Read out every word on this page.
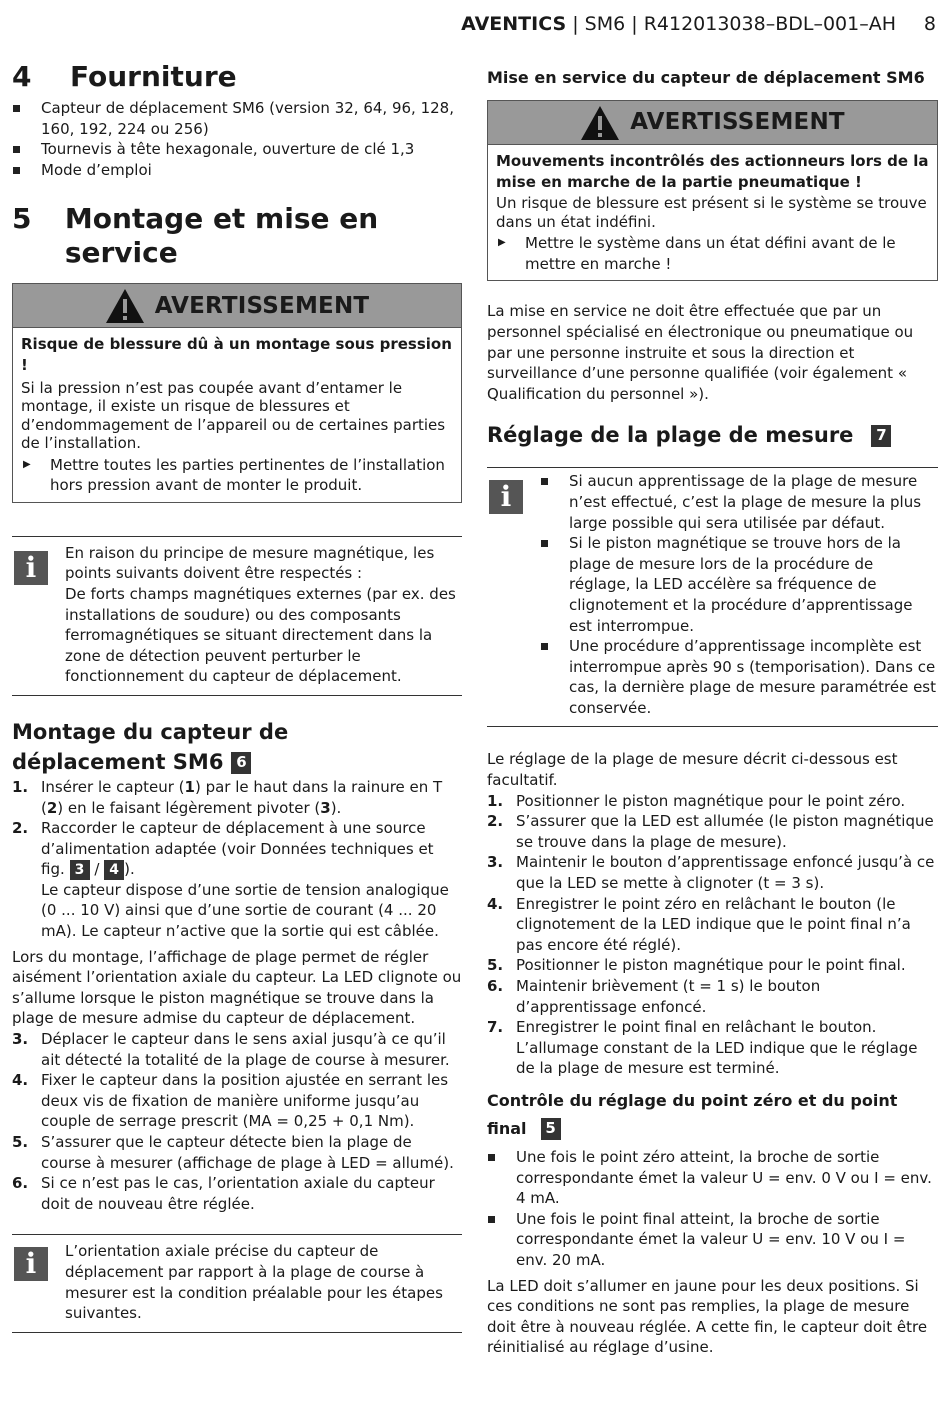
AVENTICS | SM6 | R412013038–BDL–001–AH 8
4	Fourniture
Capteur de déplacement SM6 (version 32, 64, 96, 128, 160, 192, 224 ou 256)
Tournevis à tête hexagonale, ouverture de clé 1,3
Mode d’emploi
5	Montage et mise en service
AVERTISSEMENT
Risque de blessure dû à un montage sous pression !
Si la pression n’est pas coupée avant d’entamer le montage, il existe un risque de blessures et d’endommagement de l’appareil ou de certaines parties de l’installation.
▶ Mettre toutes les parties pertinentes de l’installation hors pression avant de monter le produit.
i	En raison du principe de mesure magnétique, les points suivants doivent être respectés :
De forts champs magnétiques externes (par ex. des installations de soudure) ou des composants ferromagnétiques se situant directement dans la zone de détection peuvent perturber le fonctionnement du capteur de déplacement.
Montage du capteur de
déplacement SM6 6
1. Insérer le capteur (1) par le haut dans la rainure en T (2) en le faisant légèrement pivoter (3).
2. Raccorder le capteur de déplacement à une source d’alimentation adaptée (voir Données techniques et fig. 3 / 4 ).
Le capteur dispose d’une sortie de tension analogique (0 ... 10 V) ainsi que d’une sortie de courant (4 ... 20 mA). Le capteur n’active que la sortie qui est câblée.

Lors du montage, l’affichage de plage permet de régler aisément l’orientation axiale du capteur. La LED clignote ou s’allume lorsque le piston magnétique se trouve dans la plage de mesure admise du capteur de déplacement.

3. Déplacer le capteur dans le sens axial jusqu’à ce qu’il ait détecté la totalité de la plage de course à mesurer.
4. Fixer le capteur dans la position ajustée en serrant les deux vis de fixation de manière uniforme jusqu’au couple de serrage prescrit (MA = 0,25 + 0,1 Nm).
5. S’assurer que le capteur détecte bien la plage de course à mesurer (affichage de plage à LED = allumé).
6. Si ce n’est pas le cas, l’orientation axiale du capteur doit de nouveau être réglée.
i	L’orientation axiale précise du capteur de déplacement par rapport à la plage de course à mesurer est la condition préalable pour les étapes suivantes.
Mise en service du capteur de déplacement SM6
AVERTISSEMENT
Mouvements incontrôlés des actionneurs lors de la mise en marche de la partie pneumatique !
Un risque de blessure est présent si le système se trouve dans un état indéfini.
▶ Mettre le système dans un état défini avant de le mettre en marche !

La mise en service ne doit être effectuée que par un personnel spécialisé en électronique ou pneumatique ou par une personne instruite et sous la direction et surveillance d’une personne qualifiée (voir également « Qualification du personnel »).

Réglage de la plage de mesure 7
i	Si aucun apprentissage de la plage de mesure n’est effectué, c’est la plage de mesure la plus large possible qui sera utilisée par défaut.
Si le piston magnétique se trouve hors de la plage de mesure lors de la procédure de réglage, la LED accélère sa fréquence de clignotement et la procédure d’apprentissage est interrompue.
Une procédure d’apprentissage incomplète est interrompue après 90 s (temporisation). Dans ce cas, la dernière plage de mesure paramétrée est conservée.

Le réglage de la plage de mesure décrit ci-dessous est facultatif.

1. Positionner le piston magnétique pour le point zéro.
2. S’assurer que la LED est allumée (le piston magnétique se trouve dans la plage de mesure).
3. Maintenir le bouton d’apprentissage enfoncé jusqu’à ce que la LED se mette à clignoter (t = 3 s).
4. Enregistrer le point zéro en relâchant le bouton (le clignotement de la LED indique que le point final n’a pas encore été réglé).
5. Positionner le piston magnétique pour le point final.
6. Maintenir brièvement (t = 1 s) le bouton d’apprentissage enfoncé.
7. Enregistrer le point final en relâchant le bouton. L’allumage constant de la LED indique que le réglage de la plage de mesure est terminé.
Contrôle du réglage du point zéro et du point
final 5
Une fois le point zéro atteint, la broche de sortie correspondante émet la valeur U = env. 0 V ou I = env. 4 mA.
Une fois le point final atteint, la broche de sortie correspondante émet la valeur U = env. 10 V ou I = env. 20 mA.

La LED doit s’allumer en jaune pour les deux positions. Si ces conditions ne sont pas remplies, la plage de mesure doit être à nouveau réglée. A cette fin, le capteur doit être réinitialisé au réglage d’usine.
